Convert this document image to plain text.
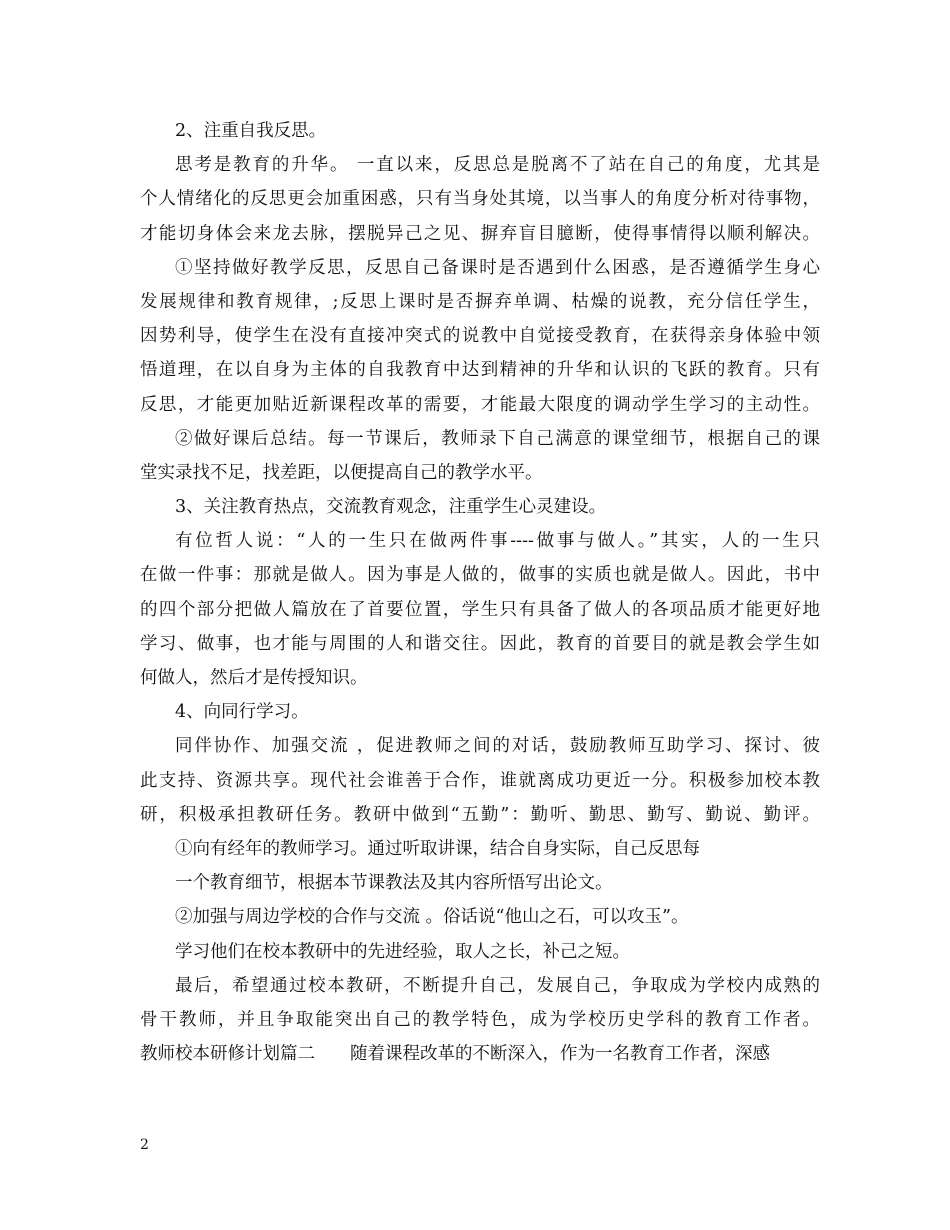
2、注重自我反思。
思考是教育的升华。 一直以来，反思总是脱离不了站在自己的角度，尤其是
个人情绪化的反思更会加重困惑，只有当身处其境，以当事人的角度分析对待事物，
才能切身体会来龙去脉，摆脱异己之见、摒弃盲目臆断，使得事情得以顺利解决。
①坚持做好教学反思，反思自己备课时是否遇到什么困惑，是否遵循学生身心
发展规律和教育规律，;反思上课时是否摒弃单调、枯燥的说教，充分信任学生，
因势利导，使学生在没有直接冲突式的说教中自觉接受教育，在获得亲身体验中领
悟道理，在以自身为主体的自我教育中达到精神的升华和认识的飞跃的教育。只有
反思，才能更加贴近新课程改革的需要，才能最大限度的调动学生学习的主动性。
②做好课后总结。每一节课后，教师录下自己满意的课堂细节，根据自己的课
堂实录找不足，找差距，以便提高自己的教学水平。
3、关注教育热点，交流教育观念，注重学生心灵建设。
有位哲人说：“人的一生只在做两件事----做事与做人。”其实，人的一生只
在做一件事：那就是做人。因为事是人做的，做事的实质也就是做人。因此，书中
的四个部分把做人篇放在了首要位置，学生只有具备了做人的各项品质才能更好地
学习、做事，也才能与周围的人和谐交往。因此，教育的首要目的就是教会学生如
何做人，然后才是传授知识。
4、向同行学习。
同伴协作、加强交流 ，促进教师之间的对话，鼓励教师互助学习、探讨、彼
此支持、资源共享。现代社会谁善于合作，谁就离成功更近一分。积极参加校本教
研，积极承担教研任务。教研中做到“五勤”：勤听、勤思、勤写、勤说、勤评。
①向有经年的教师学习。通过听取讲课，结合自身实际，自己反思每
一个教育细节，根据本节课教法及其内容所悟写出论文。
②加强与周边学校的合作与交流 。俗话说“他山之石，可以攻玉”。
学习他们在校本教研中的先进经验，取人之长，补己之短。
最后，希望通过校本教研，不断提升自己，发展自己，争取成为学校内成熟的
骨干教师，并且争取能突出自己的教学特色，成为学校历史学科的教育工作者。
教师校本研修计划篇二　　随着课程改革的不断深入，作为一名教育工作者，深感
2
